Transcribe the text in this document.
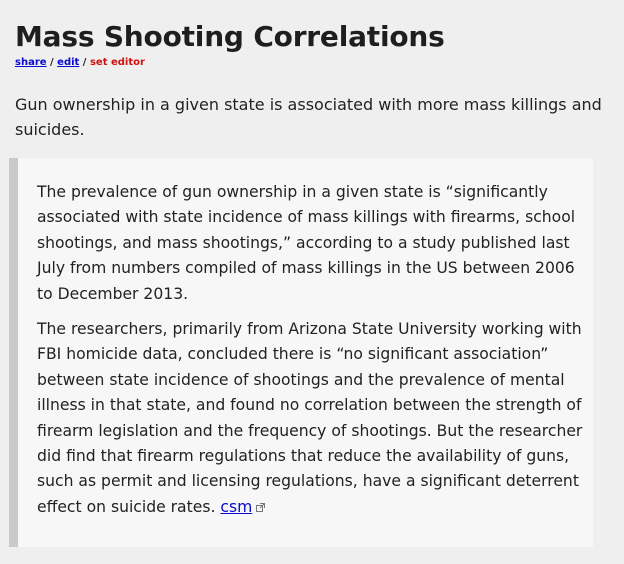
Mass Shooting Correlations
share / edit / set editor

Gun ownership in a given state is associated with more mass killings and suicides.

The prevalence of gun ownership in a given state is “significantly associated with state incidence of mass killings with firearms, school shootings, and mass shootings,” according to a study published last July from numbers compiled of mass killings in the US between 2006 to December 2013.

The researchers, primarily from Arizona State University working with FBI homicide data, concluded there is “no significant association” between state incidence of shootings and the prevalence of mental illness in that state, and found no correlation between the strength of firearm legislation and the frequency of shootings. But the researcher did find that firearm regulations that reduce the availability of guns, such as permit and licensing regulations, have a significant deterrent effect on suicide rates. csm
